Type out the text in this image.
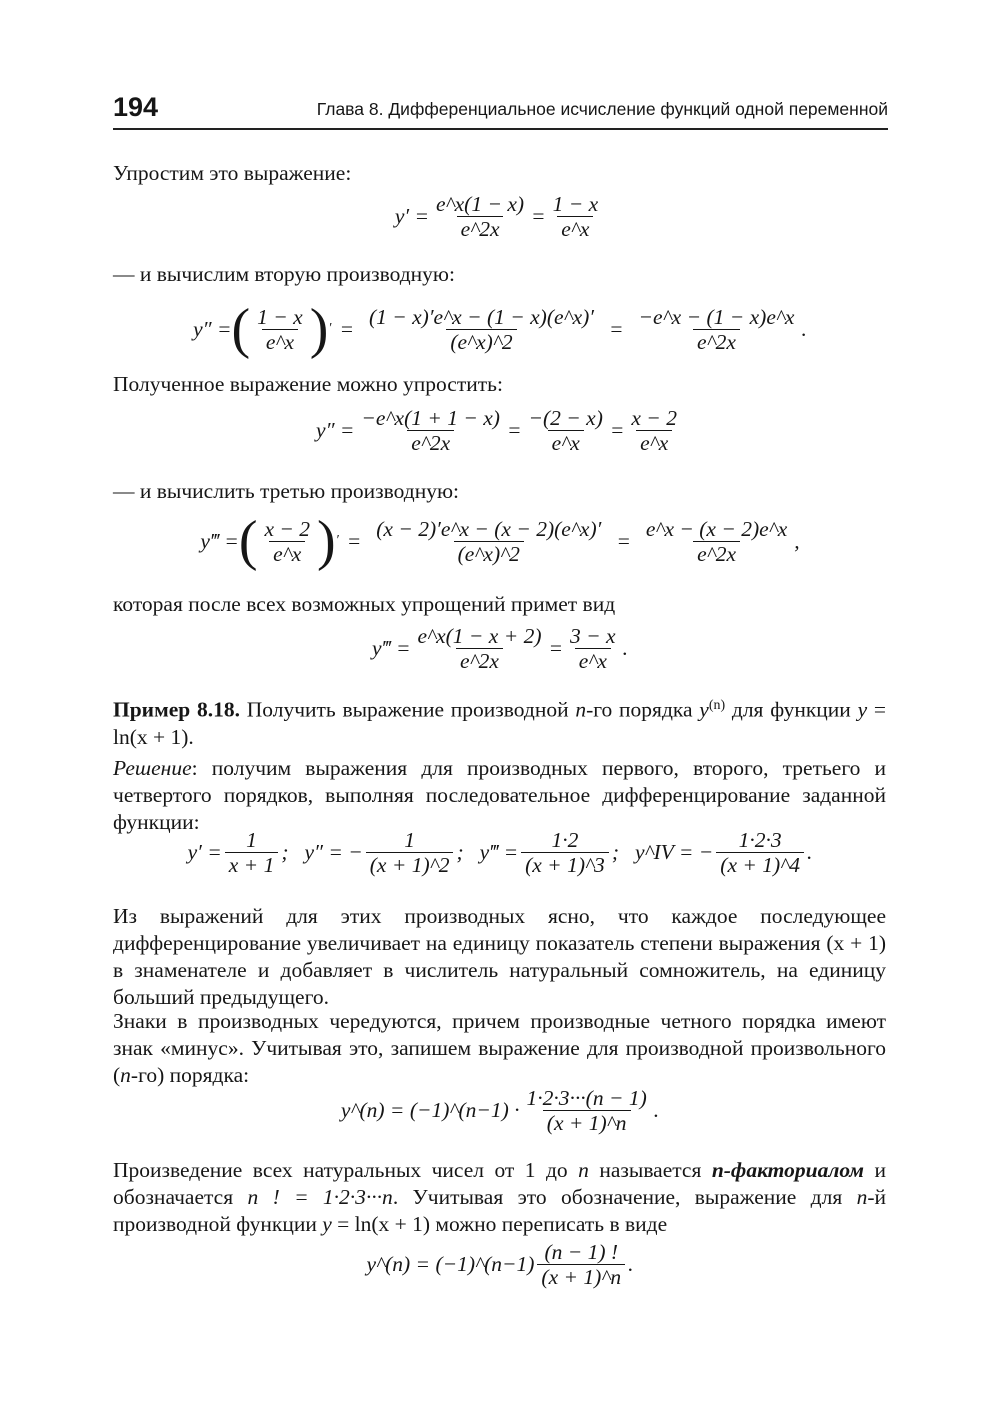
194	Глава 8. Дифференциальное исчисление функций одной переменной
Упростим это выражение:
$y' = \frac{e\^{}x(1 - x)}{e\^{}2x} = \frac{1 - x}{e\^{}x}$
— и вычислим вторую производную:
y″ = ( $\frac{1 - x}{e\^{}x}$ ) ′ = $\frac{(1 - x)'e\^{}x - (1 - x)(e\^{}x)'}{(e\^{}x)\^{}2} = \frac{-e\^{}x - (1 - x)e\^{}x}{e\^{}2x}$ .
Полученное выражение можно упростить:
$y'' = \frac{-e\^{}x(1 + 1 - x)}{e\^{}2x} = \frac{-(2 - x)}{e\^{}x} = \frac{x - 2}{e\^{}x}$
— и вычислить третью производную:
y‴ = ( $\frac{x - 2}{e\^{}x}$ ) ′ = $\frac{(x - 2)'e\^{}x - (x - 2)(e\^{}x)'}{(e\^{}x)\^{}2} = \frac{e\^{}x - (x - 2)e\^{}x}{e\^{}2x}$ ,
которая после всех возможных упрощений примет вид
y‴ = $\frac{e\^{}x(1 - x + 2)}{e\^{}2x} = \frac{3 - x}{e\^{}x}$ .
Пример 8.18. Получить выражение производной n-го порядка $y^{(n)}$ для функции y = ln(x + 1).
Решение: получим выражения для производных первого, второго, третьего и четвертого порядков, выполняя последовательное дифференцирование заданной функции:
$y' = \frac{1}{x + 1}$ ; y″ = − $\frac{1}{(x + 1)\^{}2}$ ; y‴ = $\frac{1\cdot 2}{(x + 1)\^{}3}$ ; y^IV = − $\frac{1\cdot 2\cdot 3}{(x + 1)\^{}4}$ .
Из выражений для этих производных ясно, что каждое последующее дифференцирование увеличивает на единицу показатель степени выражения (x + 1) в знаменателе и добавляет в числитель натуральный сомножитель, на единицу больший предыдущего.
Знаки в производных чередуются, причем производные четного порядка имеют знак «минус». Учитывая это, запишем выражение для производной произвольного (n-го) порядка:
y^(n) = (−1)^(n−1) · $\frac{1\cdot 2\cdot 3\cdot\cdot\cdot(n - 1)}{(x + 1)\^{}n}$ .
Произведение всех натуральных чисел от 1 до n называется n-факториалом и обозначается n ! = 1·2·3···n. Учитывая это обозначение, выражение для n-й производной функции y = ln(x + 1) можно переписать в виде
y^(n) = (−1)^(n−1) $\frac{(n - 1) !}{(x + 1)\^{}n}$ .
